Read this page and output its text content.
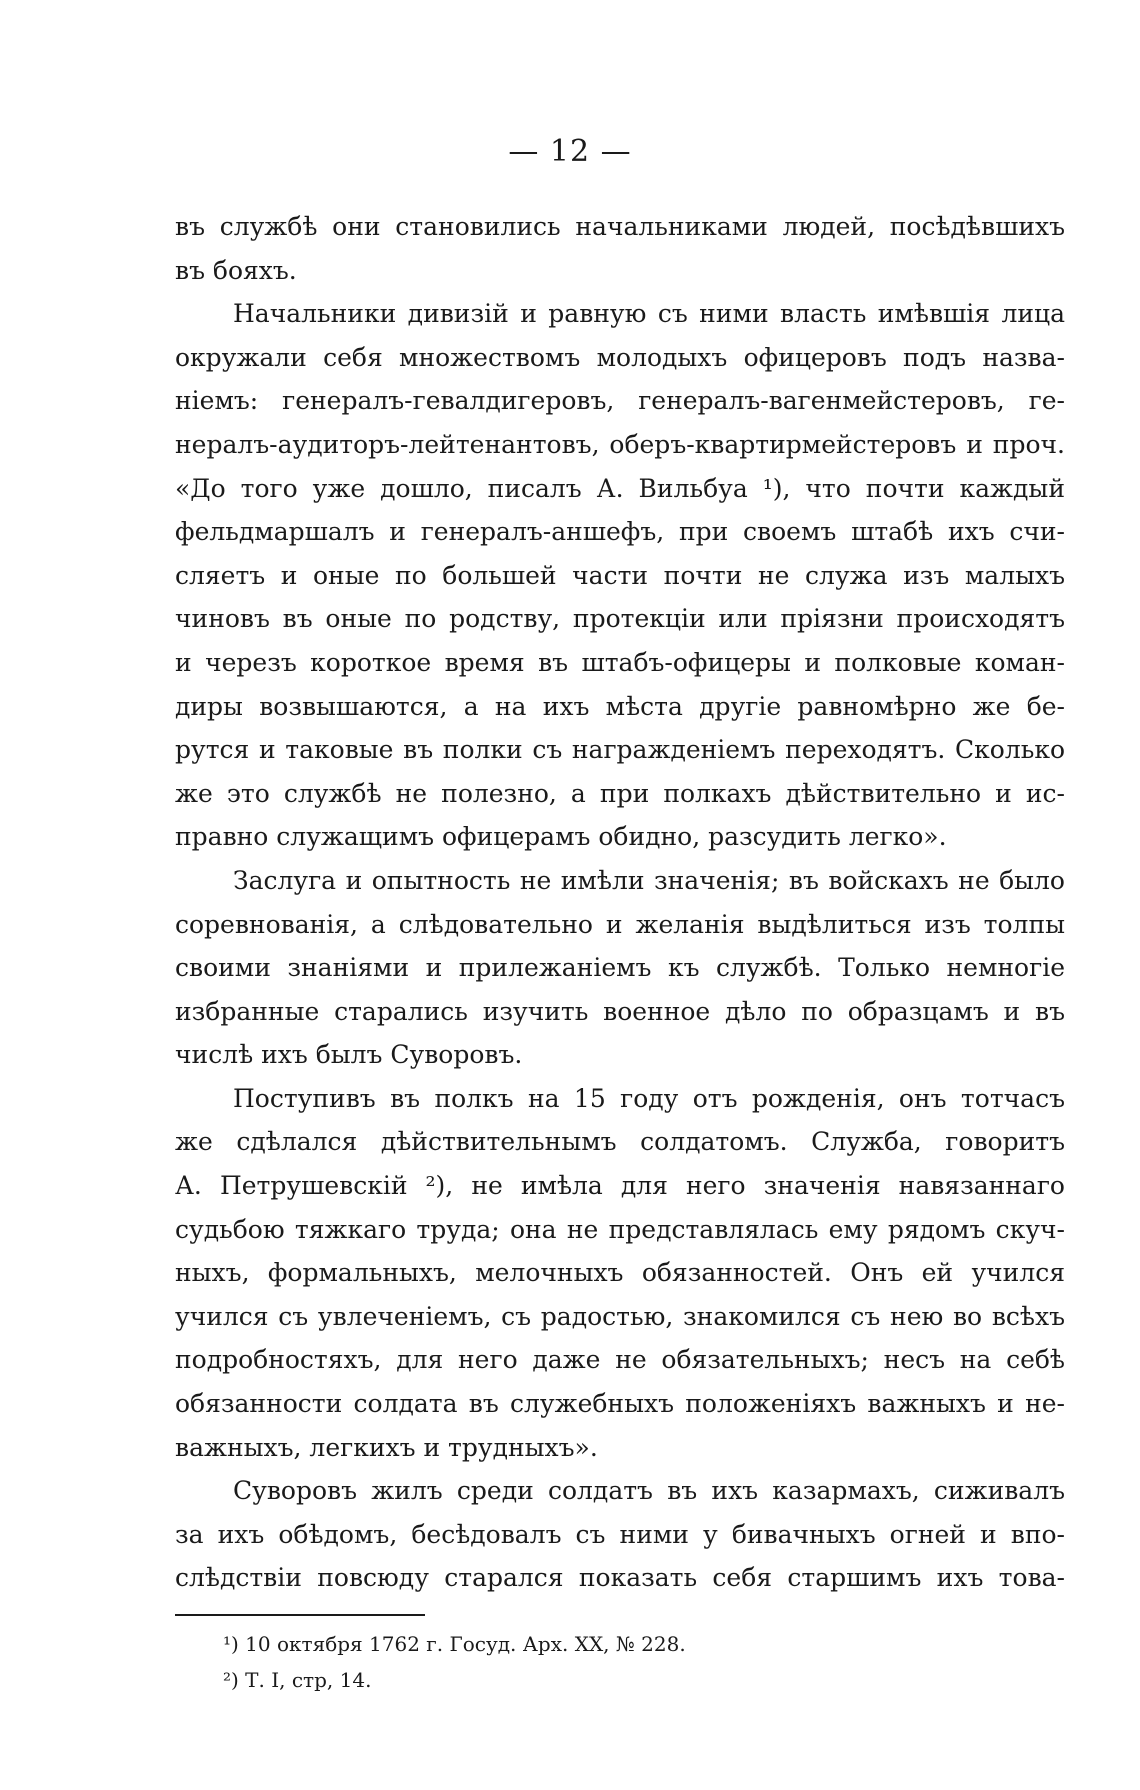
— 12 —
въ службѣ они становились начальниками людей, посѣдѣвшихъ
въ бояхъ.
Начальники дивизій и равную съ ними власть имѣвшія лица
окружали себя множествомъ молодыхъ офицеровъ подъ назва-
ніемъ: генералъ-гевалдигеровъ, генералъ-вагенмейстеровъ, ге-
нералъ-аудиторъ-лейтенантовъ, оберъ-квартирмейстеровъ и проч.
«До того уже дошло, писалъ А. Вильбуа ¹), что почти каждый
фельдмаршалъ и генералъ-аншефъ, при своемъ штабѣ ихъ счи-
сляетъ и оные по большей части почти не служа изъ малыхъ
чиновъ въ оные по родству, протекціи или пріязни происходятъ
и черезъ короткое время въ штабъ-офицеры и полковые коман-
диры возвышаются, а на ихъ мѣста другіе равномѣрно же бе-
рутся и таковые въ полки съ награжденіемъ переходятъ. Сколько
же это службѣ не полезно, а при полкахъ дѣйствительно и ис-
правно служащимъ офицерамъ обидно, разсудить легко».
Заслуга и опытность не имѣли значенія; въ войскахъ не было
соревнованія, а слѣдовательно и желанія выдѣлиться изъ толпы
своими знаніями и прилежаніемъ къ службѣ. Только немногіе
избранные старались изучить военное дѣло по образцамъ и въ
числѣ ихъ былъ Суворовъ.
Поступивъ въ полкъ на 15 году отъ рожденія, онъ тотчасъ
же сдѣлался дѣйствительнымъ солдатомъ. Служба, говоритъ
А. Петрушевскій ²), не имѣла для него значенія навязаннаго
судьбою тяжкаго труда; она не представлялась ему рядомъ скуч-
ныхъ, формальныхъ, мелочныхъ обязанностей. Онъ ей учился
учился съ увлеченіемъ, съ радостью, знакомился съ нею во всѣхъ
подробностяхъ, для него даже не обязательныхъ; несъ на себѣ
обязанности солдата въ служебныхъ положеніяхъ важныхъ и не-
важныхъ, легкихъ и трудныхъ».
Суворовъ жилъ среди солдатъ въ ихъ казармахъ, сиживалъ
за ихъ обѣдомъ, бесѣдовалъ съ ними у бивачныхъ огней и впо-
слѣдствіи повсюду старался показать себя старшимъ ихъ това-
¹) 10 октября 1762 г. Госуд. Арх. XX, № 228.
²) Т. I, стр, 14.
